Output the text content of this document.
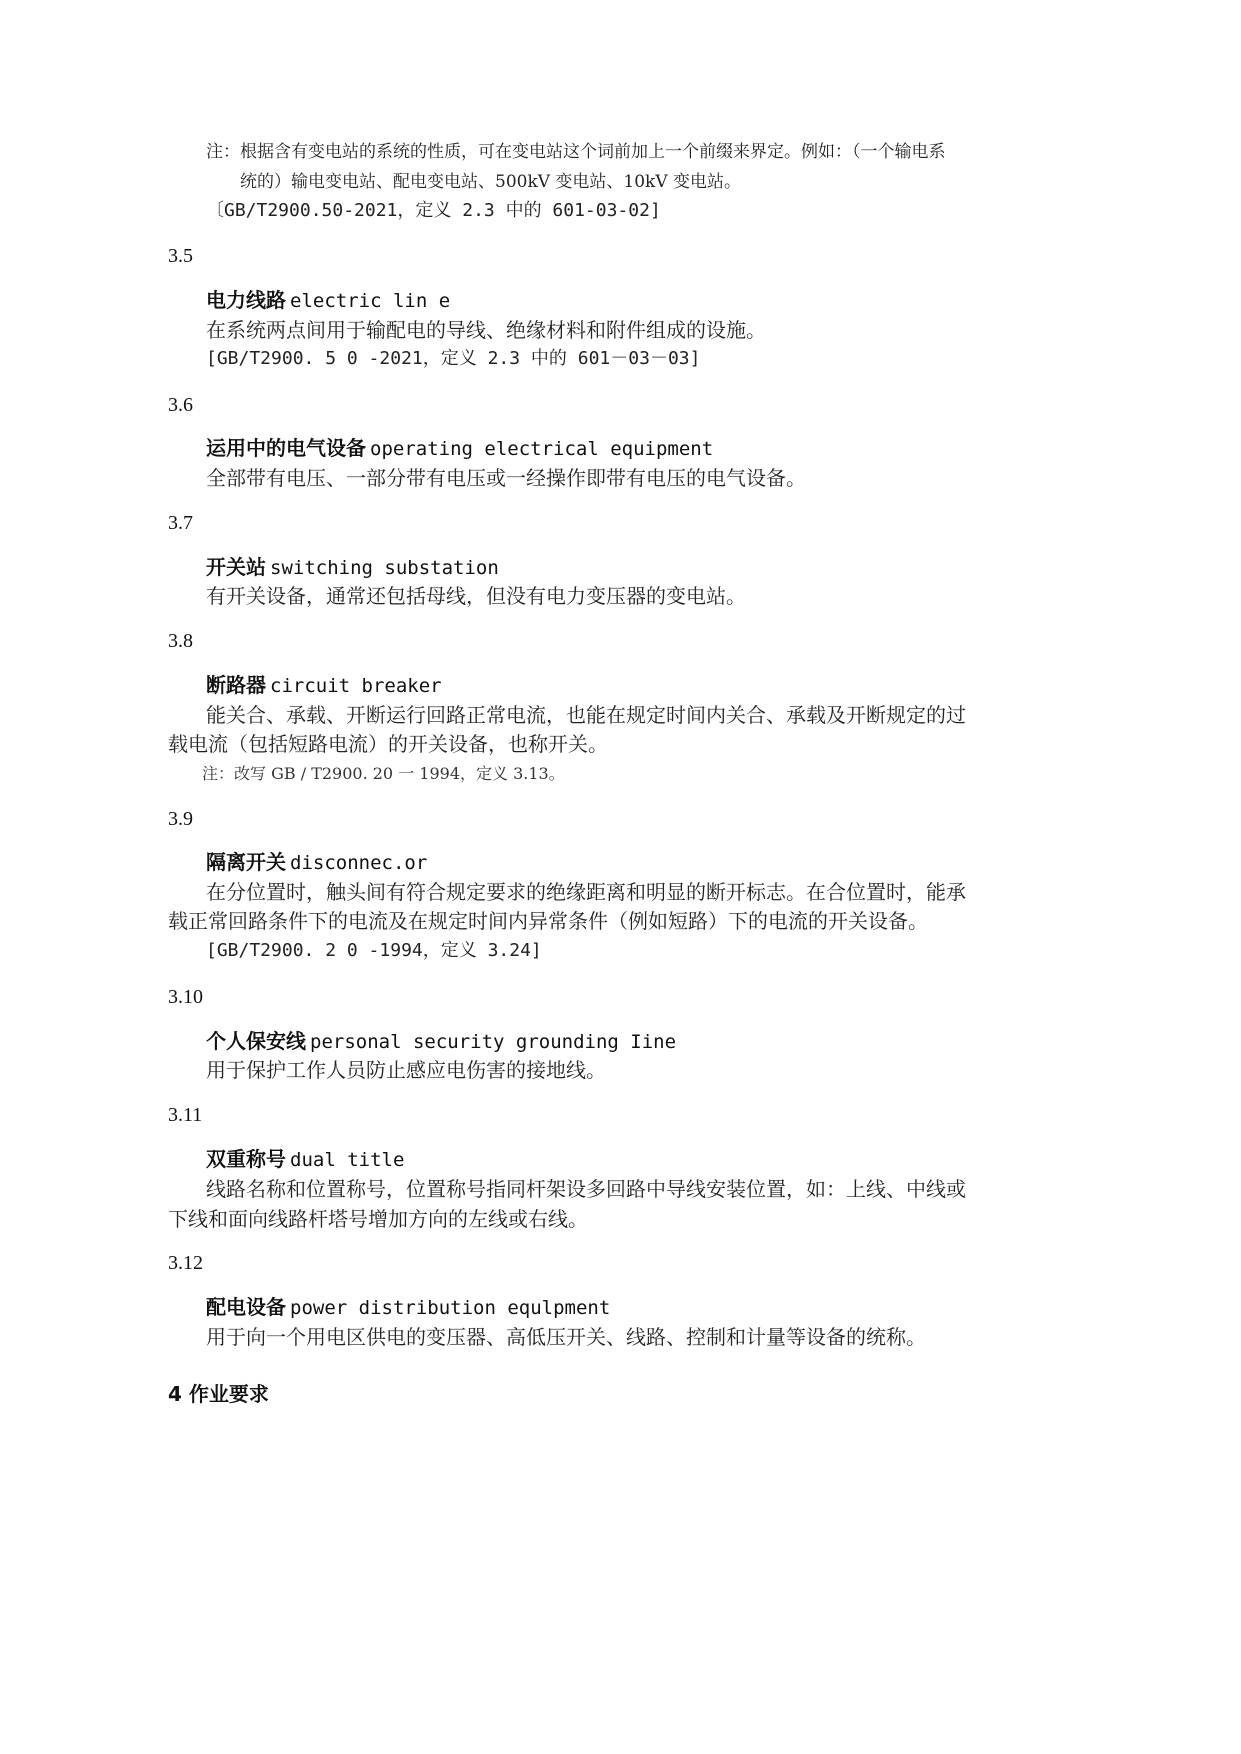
注：根据含有变电站的系统的性质，可在变电站这个词前加上一个前缀来界定。例如：（一个输电系
统的）输电变电站、配电变电站、500kV 变电站、10kV 变电站。
〔GB/T2900.50-2021，定义 2.3 中的 601-03-02]
3.5
电力线路 electric lin e
在系统两点间用于输配电的导线、绝缘材料和附件组成的设施。
[GB/T2900. 5 0 -2021，定义 2.3 中的 601－03－03]
3.6
运用中的电气设备 operating electrical equipment
全部带有电压、一部分带有电压或一经操作即带有电压的电气设备。
3.7
开关站 switching substation
有开关设备，通常还包括母线，但没有电力变压器的变电站。
3.8
断路器 circuit breaker
能关合、承载、开断运行回路正常电流，也能在规定时间内关合、承载及开断规定的过
载电流（包括短路电流）的开关设备，也称开关。
注：改写 GB / T2900. 20 一 1994，定义 3.13。
3.9
隔离开关 disconnec.or
在分位置时，触头间有符合规定要求的绝缘距离和明显的断开标志。在合位置时，能承
载正常回路条件下的电流及在规定时间内异常条件（例如短路）下的电流的开关设备。
[GB/T2900. 2 0 -1994，定义 3.24]
3.10
个人保安线 personal security grounding Iine
用于保护工作人员防止感应电伤害的接地线。
3.11
双重称号 dual title
线路名称和位置称号，位置称号指同杆架设多回路中导线安装位置，如：上线、中线或
下线和面向线路杆塔号增加方向的左线或右线。
3.12
配电设备 power distribution equlpment
用于向一个用电区供电的变压器、高低压开关、线路、控制和计量等设备的统称。
4 作业要求
